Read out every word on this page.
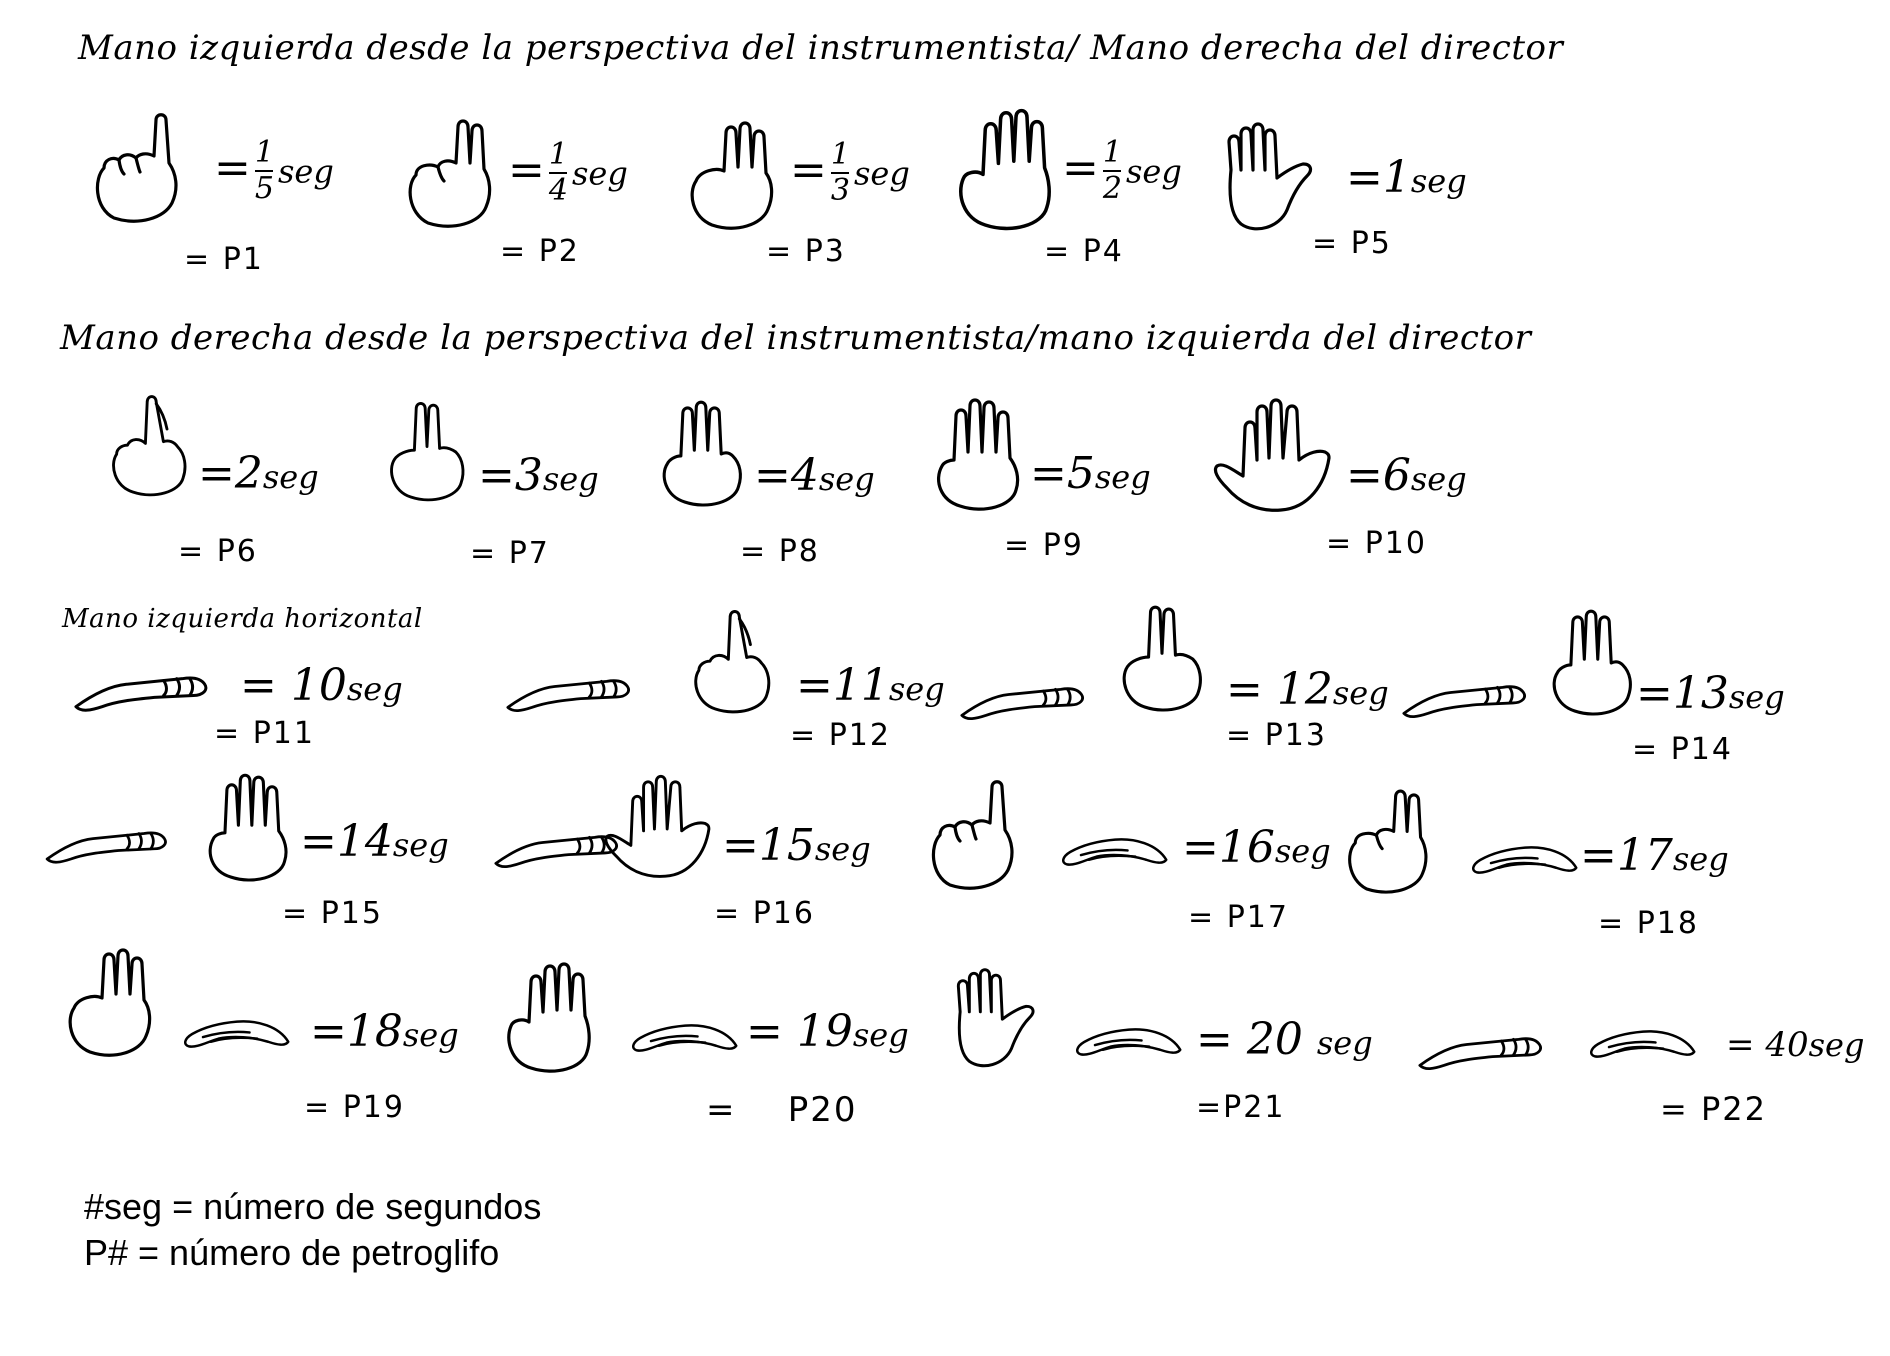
Mano izquierda desde la perspectiva del instrumentista/ Mano derecha del director
Mano derecha desde la perspectiva del instrumentista/mano izquierda del director
Mano izquierda horizontal
= $\frac{1}{5}$ seg
= P1
= $\frac{1}{4}$ seg
= P2
= $\frac{1}{3}$ seg
= P3
= $\frac{1}{2}$ seg
= P4
=1seg
= P5
=2seg
= P6
=3seg
= P7
=4seg
= P8
=5seg
= P9
=6seg
= P10
= 10seg
= P11
=11seg
= P12
= 12seg
= P13
=13seg
= P14
=14seg
= P15
=15seg
= P16
=16seg
= P17
=17seg
= P18
=18seg
= P19
= 19seg
= P20
= 20 seg
=P21
= 40seg
= P22
#seg = número de segundos
P# = número de petroglifo
